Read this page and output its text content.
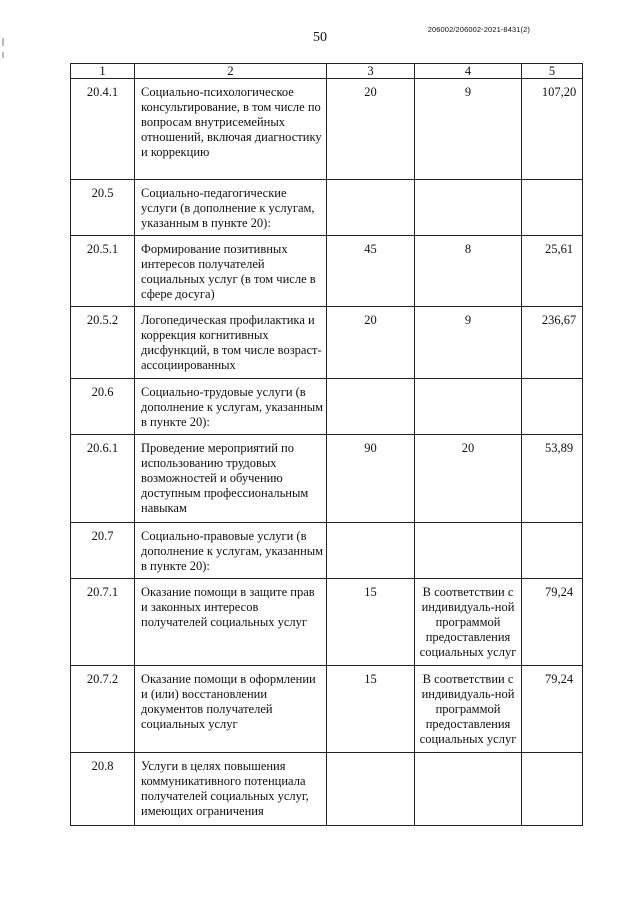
50
206002/206002-2021-8431(2)
1	2	3	4	5
20.4.1	Социально-психологическое консультирование, в том числе по вопросам внутрисемейных отношений, включая диагностику и коррекцию	20	9	107,20
20.5	Социально-педагогические услуги (в дополнение к услугам, указанным в пункте 20):			
20.5.1	Формирование позитивных интересов получателей социальных услуг (в том числе в сфере досуга)	45	8	25,61
20.5.2	Логопедическая профилактика и коррекция когнитивных дисфункций, в том числе возраст-ассоциированных	20	9	236,67
20.6	Социально-трудовые услуги (в дополнение к услугам, указанным в пункте 20):			
20.6.1	Проведение мероприятий по использованию трудовых возможностей и обучению доступным профессиональным навыкам	90	20	53,89
20.7	Социально-правовые услуги (в дополнение к услугам, указанным в пункте 20):			
20.7.1	Оказание помощи в защите прав и законных интересов получателей социальных услуг	15	В соответствии с индивидуаль-ной программой предоставления социальных услуг	79,24
20.7.2	Оказание помощи в оформлении и (или) восстановлении документов получателей социальных услуг	15	В соответствии с индивидуаль-ной программой предоставления социальных услуг	79,24
20.8	Услуги в целях повышения коммуникативного потенциала получателей социальных услуг, имеющих ограничения			
